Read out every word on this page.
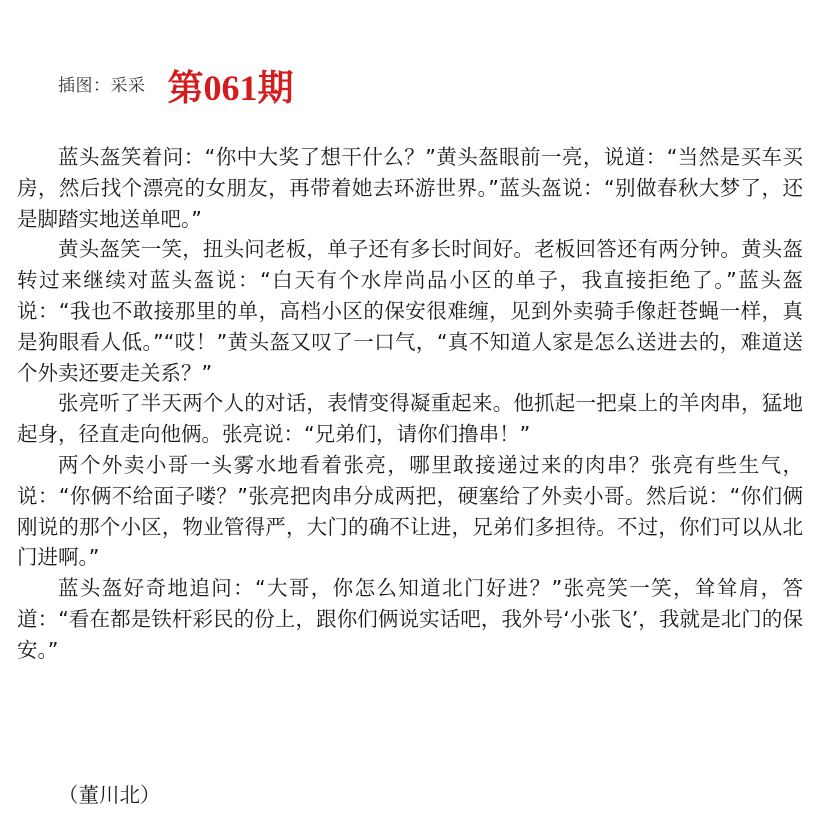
插图：采采 第061期

蓝头盔笑着问：“你中大奖了想干什么？”黄头盔眼前一亮，说道：“当然是买车买房，然后找个漂亮的女朋友，再带着她去环游世界。”蓝头盔说：“别做春秋大梦了，还是脚踏实地送单吧。”

黄头盔笑一笑，扭头问老板，单子还有多长时间好。老板回答还有两分钟。黄头盔转过来继续对蓝头盔说：“白天有个水岸尚品小区的单子，我直接拒绝了。”蓝头盔说：“我也不敢接那里的单，高档小区的保安很难缠，见到外卖骑手像赶苍蝇一样，真是狗眼看人低。”“哎！”黄头盔又叹了一口气，“真不知道人家是怎么送进去的，难道送个外卖还要走关系？”

张亮听了半天两个人的对话，表情变得凝重起来。他抓起一把桌上的羊肉串，猛地起身，径直走向他俩。张亮说：“兄弟们，请你们撸串！”

两个外卖小哥一头雾水地看着张亮，哪里敢接递过来的肉串？张亮有些生气，说：“你俩不给面子喽？”张亮把肉串分成两把，硬塞给了外卖小哥。然后说：“你们俩刚说的那个小区，物业管得严，大门的确不让进，兄弟们多担待。不过，你们可以从北门进啊。”

蓝头盔好奇地追问：“大哥，你怎么知道北门好进？”张亮笑一笑，耸耸肩，答道：“看在都是铁杆彩民的份上，跟你们俩说实话吧，我外号‘小张飞’，我就是北门的保安。”

（董川北）
